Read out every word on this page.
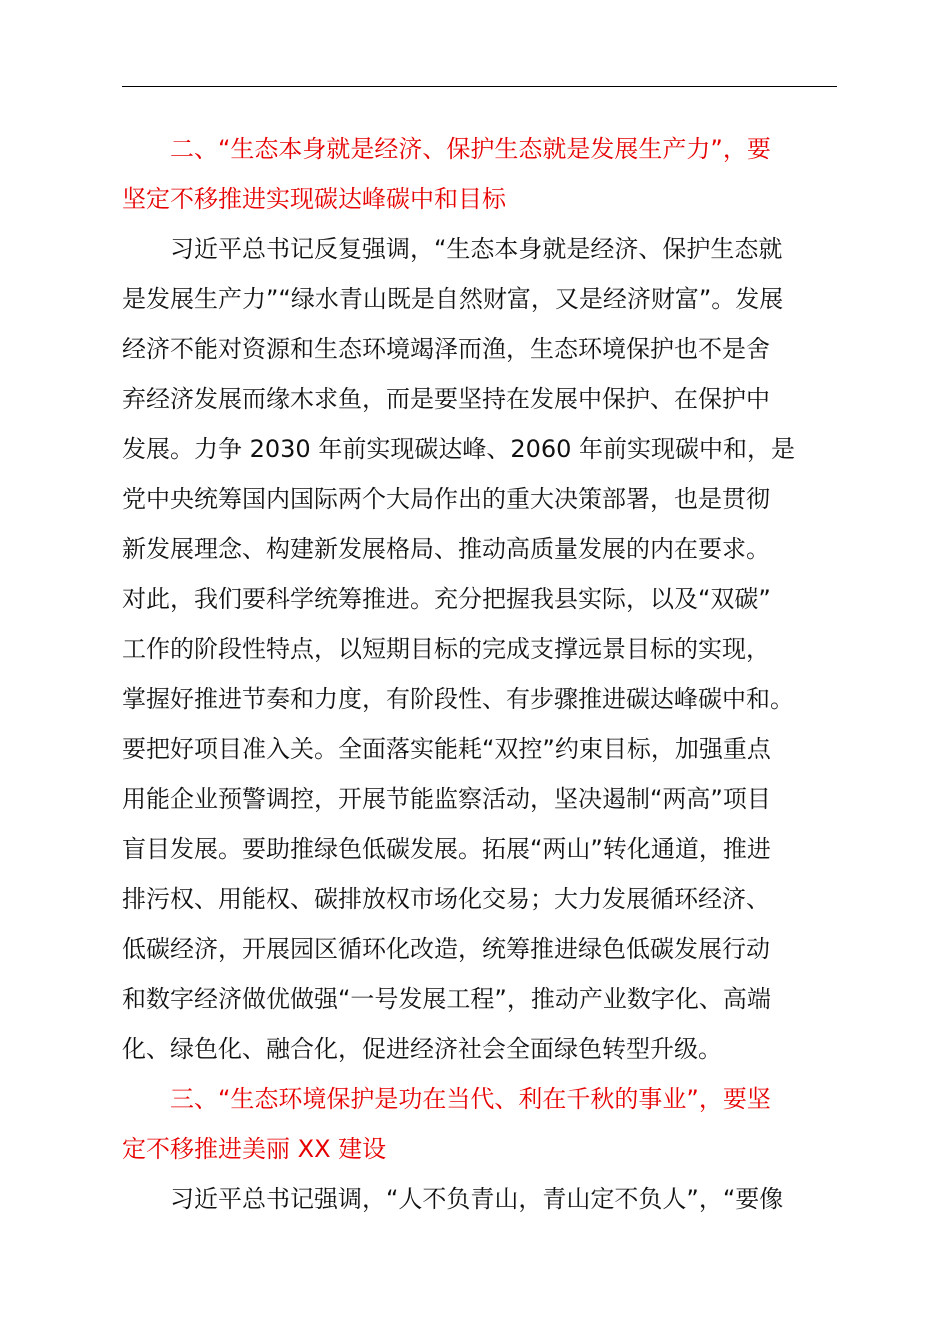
二、“生态本身就是经济、保护生态就是发展生产力”，要
坚定不移推进实现碳达峰碳中和目标
习近平总书记反复强调，“生态本身就是经济、保护生态就
是发展生产力”“绿水青山既是自然财富，又是经济财富”。发展
经济不能对资源和生态环境竭泽而渔，生态环境保护也不是舍
弃经济发展而缘木求鱼，而是要坚持在发展中保护、在保护中
发展。力争 2030 年前实现碳达峰、2060 年前实现碳中和，是
党中央统筹国内国际两个大局作出的重大决策部署，也是贯彻
新发展理念、构建新发展格局、推动高质量发展的内在要求。
对此，我们要科学统筹推进。充分把握我县实际，以及“双碳”
工作的阶段性特点，以短期目标的完成支撑远景目标的实现，
掌握好推进节奏和力度，有阶段性、有步骤推进碳达峰碳中和。
要把好项目准入关。全面落实能耗“双控”约束目标，加强重点
用能企业预警调控，开展节能监察活动，坚决遏制“两高”项目
盲目发展。要助推绿色低碳发展。拓展“两山”转化通道，推进
排污权、用能权、碳排放权市场化交易；大力发展循环经济、
低碳经济，开展园区循环化改造，统筹推进绿色低碳发展行动
和数字经济做优做强“一号发展工程”，推动产业数字化、高端
化、绿色化、融合化，促进经济社会全面绿色转型升级。
三、“生态环境保护是功在当代、利在千秋的事业”，要坚
定不移推进美丽 XX 建设
习近平总书记强调，“人不负青山，青山定不负人”，“要像
